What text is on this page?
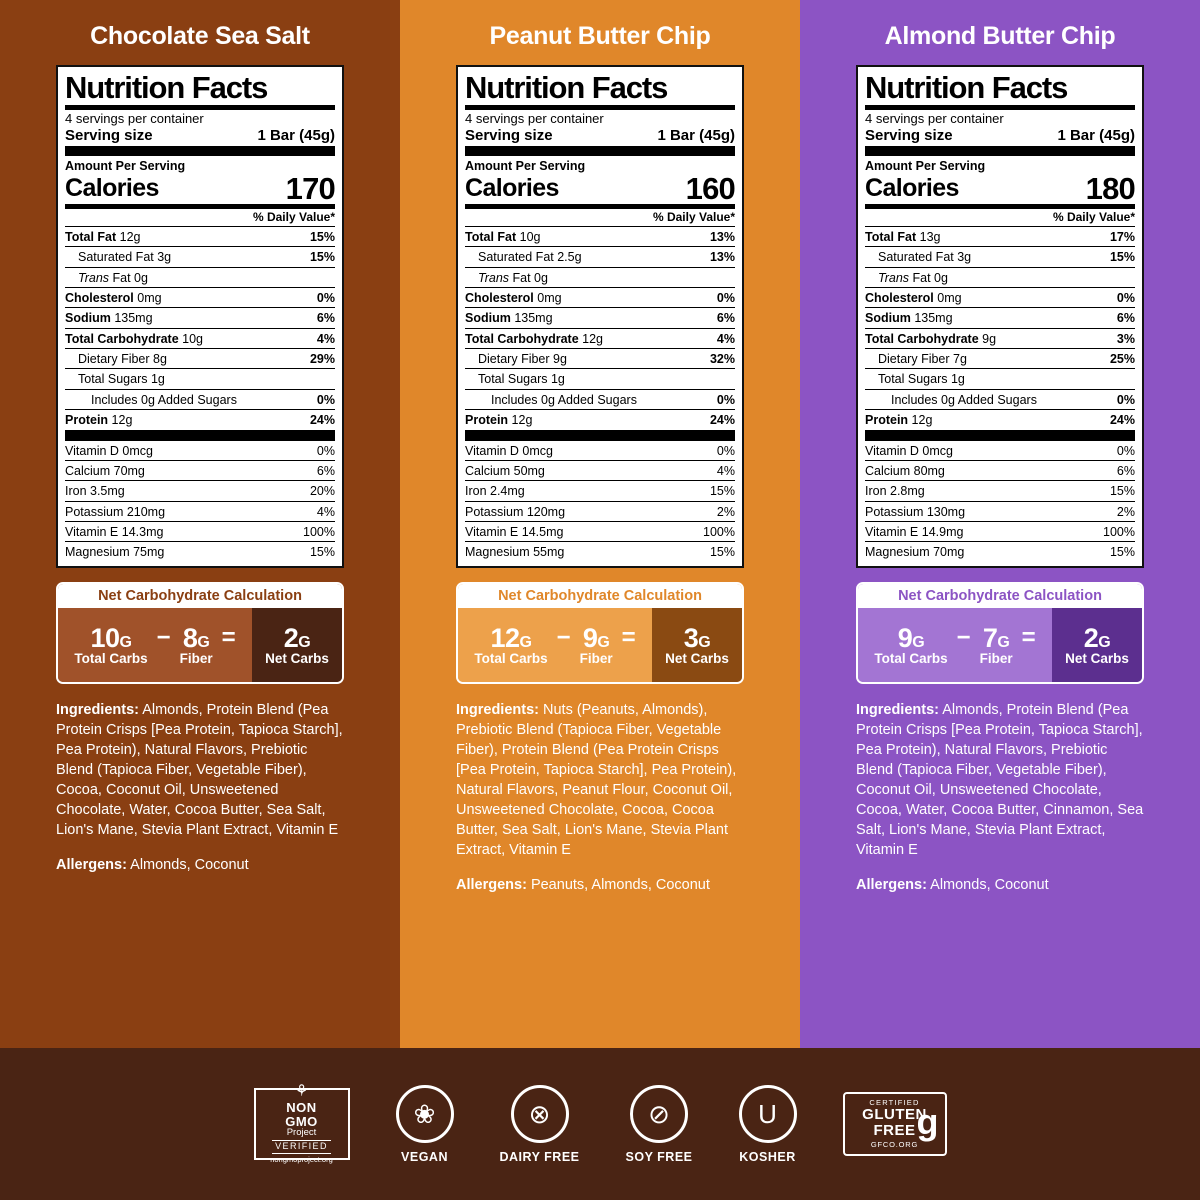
Chocolate Sea Salt
Nutrition Facts
4 servings per container
Serving size	1 Bar (45g)
Amount Per Serving
Calories	170
% Daily Value*
Total Fat 12g	15%
Saturated Fat 3g	15%
Trans Fat 0g
Cholesterol 0mg	0%
Sodium 135mg	6%
Total Carbohydrate 10g	4%
Dietary Fiber 8g	29%
Total Sugars 1g
Includes 0g Added Sugars	0%
Protein 12g	24%
Vitamin D 0mcg	0%
Calcium 70mg	6%
Iron 3.5mg	20%
Potassium 210mg	4%
Vitamin E 14.3mg	100%
Magnesium 75mg	15%
Net Carbohydrate Calculation
10G
Total Carbs
− 8G
Fiber
=	2G
Net Carbs
Ingredients: Almonds, Protein Blend (Pea Protein Crisps [Pea Protein, Tapioca Starch], Pea Protein), Natural Flavors, Prebiotic Blend (Tapioca Fiber, Vegetable Fiber), Cocoa, Coconut Oil, Unsweetened Chocolate, Water, Cocoa Butter, Sea Salt, Lion's Mane, Stevia Plant Extract, Vitamin E
Allergens: Almonds, Coconut
Peanut Butter Chip
Nutrition Facts
4 servings per container
Serving size	1 Bar (45g)
Amount Per Serving
Calories	160
% Daily Value*
Total Fat 10g	13%
Saturated Fat 2.5g	13%
Trans Fat 0g
Cholesterol 0mg	0%
Sodium 135mg	6%
Total Carbohydrate 12g	4%
Dietary Fiber 9g	32%
Total Sugars 1g
Includes 0g Added Sugars	0%
Protein 12g	24%
Vitamin D 0mcg	0%
Calcium 50mg	4%
Iron 2.4mg	15%
Potassium 120mg	2%
Vitamin E 14.5mg	100%
Magnesium 55mg	15%
Net Carbohydrate Calculation
12G
Total Carbs
− 9G
Fiber
=	3G
Net Carbs
Ingredients: Nuts (Peanuts, Almonds), Prebiotic Blend (Tapioca Fiber, Vegetable Fiber), Protein Blend (Pea Protein Crisps [Pea Protein, Tapioca Starch], Pea Protein), Natural Flavors, Peanut Flour, Coconut Oil, Unsweetened Chocolate, Cocoa, Cocoa Butter, Sea Salt, Lion's Mane, Stevia Plant Extract, Vitamin E
Allergens: Peanuts, Almonds, Coconut
Almond Butter Chip
Nutrition Facts
4 servings per container
Serving size	1 Bar (45g)
Amount Per Serving
Calories	180
% Daily Value*
Total Fat 13g	17%
Saturated Fat 3g	15%
Trans Fat 0g
Cholesterol 0mg	0%
Sodium 135mg	6%
Total Carbohydrate 9g	3%
Dietary Fiber 7g	25%
Total Sugars 1g
Includes 0g Added Sugars	0%
Protein 12g	24%
Vitamin D 0mcg	0%
Calcium 80mg	6%
Iron 2.8mg	15%
Potassium 130mg	2%
Vitamin E 14.9mg	100%
Magnesium 70mg	15%
Net Carbohydrate Calculation
9G
Total Carbs
− 7G
Fiber
=	2G
Net Carbs
Ingredients: Almonds, Protein Blend (Pea Protein Crisps [Pea Protein, Tapioca Starch], Pea Protein), Natural Flavors, Prebiotic Blend (Tapioca Fiber, Vegetable Fiber), Coconut Oil, Unsweetened Chocolate, Cocoa, Water, Cocoa Butter, Cinnamon, Sea Salt, Lion's Mane, Stevia Plant Extract, Vitamin E
Allergens: Almonds, Coconut
⚘
NON
GMO
Project
VERIFIED
nongmoproject.org
❀
VEGAN
⊗
DAIRY FREE
⊘
SOY FREE
U
KOSHER
CERTIFIED
GLUTEN
FREE
GFCO.ORG
g
